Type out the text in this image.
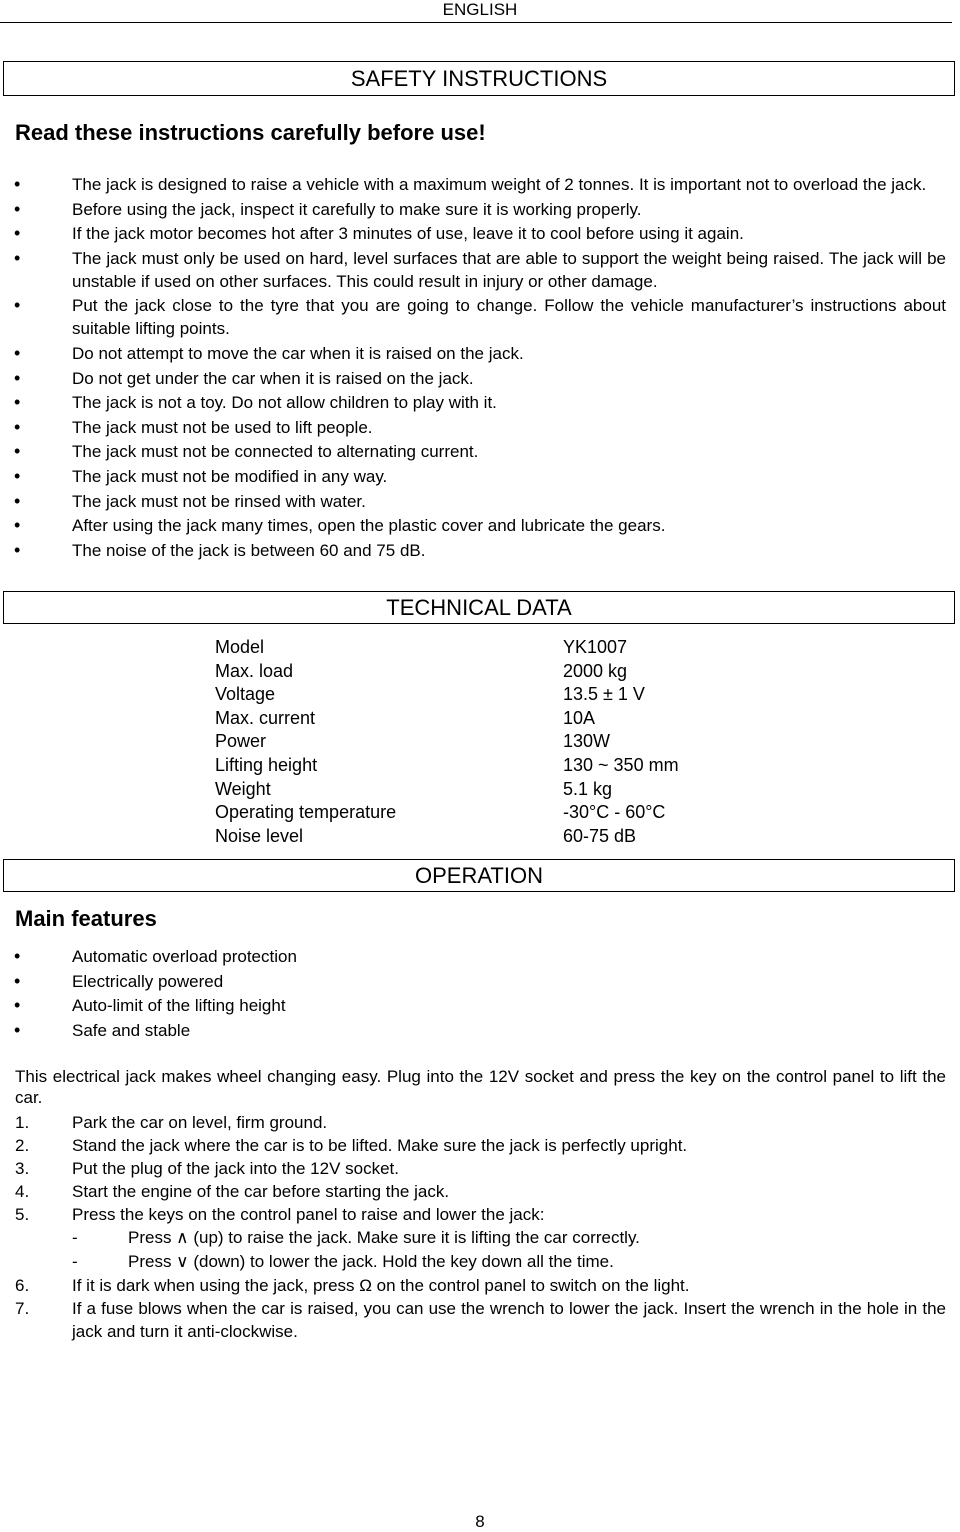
ENGLISH
SAFETY INSTRUCTIONS
Read these instructions carefully before use!
• The jack is designed to raise a vehicle with a maximum weight of 2 tonnes. It is important not to overload the jack.
• Before using the jack, inspect it carefully to make sure it is working properly.
• If the jack motor becomes hot after 3 minutes of use, leave it to cool before using it again.
• The jack must only be used on hard, level surfaces that are able to support the weight being raised. The jack will be unstable if used on other surfaces. This could result in injury or other damage.
• Put the jack close to the tyre that you are going to change. Follow the vehicle manufacturer’s instructions about suitable lifting points.
• Do not attempt to move the car when it is raised on the jack.
• Do not get under the car when it is raised on the jack.
• The jack is not a toy. Do not allow children to play with it.
• The jack must not be used to lift people.
• The jack must not be connected to alternating current.
• The jack must not be modified in any way.
• The jack must not be rinsed with water.
• After using the jack many times, open the plastic cover and lubricate the gears.
• The noise of the jack is between 60 and 75 dB.
TECHNICAL DATA
Model	YK1007
Max. load	2000 kg
Voltage	13.5 ± 1 V
Max. current	10A
Power	130W
Lifting height	130 ~ 350 mm
Weight	5.1 kg
Operating temperature	-30°C - 60°C
Noise level	60-75 dB
OPERATION
Main features
• Automatic overload protection
• Electrically powered
• Auto-limit of the lifting height
• Safe and stable
This electrical jack makes wheel changing easy. Plug into the 12V socket and press the key on the control panel to lift the car.
1.	Park the car on level, firm ground.
2.	Stand the jack where the car is to be lifted. Make sure the jack is perfectly upright.
3.	Put the plug of the jack into the 12V socket.
4.	Start the engine of the car before starting the jack.
5.	Press the keys on the control panel to raise and lower the jack:
-	Press ∧ (up) to raise the jack. Make sure it is lifting the car correctly.
-	Press ∨ (down) to lower the jack. Hold the key down all the time.
6.	If it is dark when using the jack, press Ω on the control panel to switch on the light.
7.	If a fuse blows when the car is raised, you can use the wrench to lower the jack. Insert the wrench in the hole in the jack and turn it anti-clockwise.
8
